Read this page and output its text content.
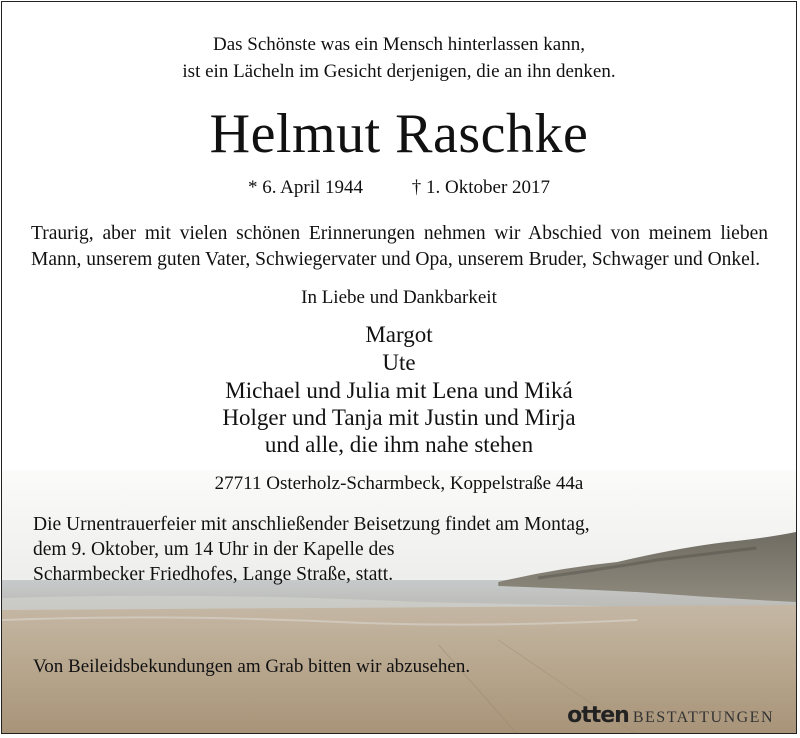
Das Schönste was ein Mensch hinterlassen kann,
ist ein Lächeln im Gesicht derjenigen, die an ihn denken.
Helmut Raschke
* 6. April 1944	† 1. Oktober 2017
Traurig, aber mit vielen schönen Erinnerungen nehmen wir Abschied von meinem lieben Mann, unserem guten Vater, Schwiegervater und Opa, unserem Bruder, Schwager und Onkel.
In Liebe und Dankbarkeit
Margot
Ute
Michael und Julia mit Lena und Miká
Holger und Tanja mit Justin und Mirja
und alle, die ihm nahe stehen
27711 Osterholz-Scharmbeck, Koppelstraße 44a
Die Urnentrauerfeier mit anschließender Beisetzung findet am Montag,
dem 9. Oktober, um 14 Uhr in der Kapelle des
Scharmbecker Friedhofes, Lange Straße, statt.
Von Beileidsbekundungen am Grab bitten wir abzusehen.
otten BESTATTUNGEN
